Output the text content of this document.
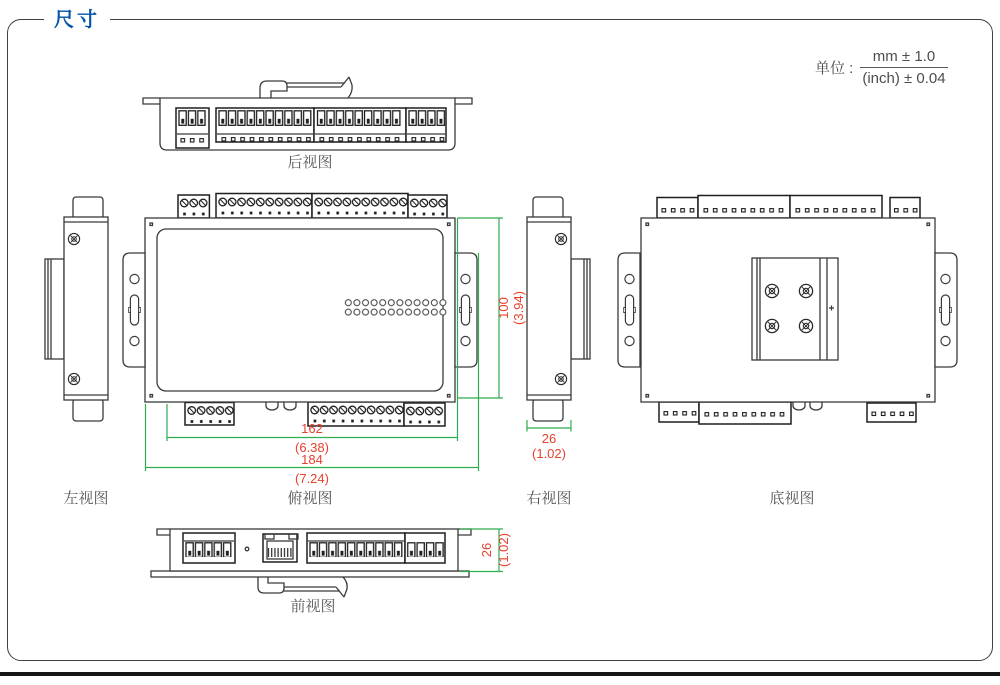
尺寸
单位 : $\frac{mm \pm 1.0}{\text{(inch) ± 0.04}}$
162
(6.38)
184
(7.24)
100 (3.94)
26
(1.02)
26 (1.02)
后视图
左视图	俯视图	右视图	底视图
前视图
